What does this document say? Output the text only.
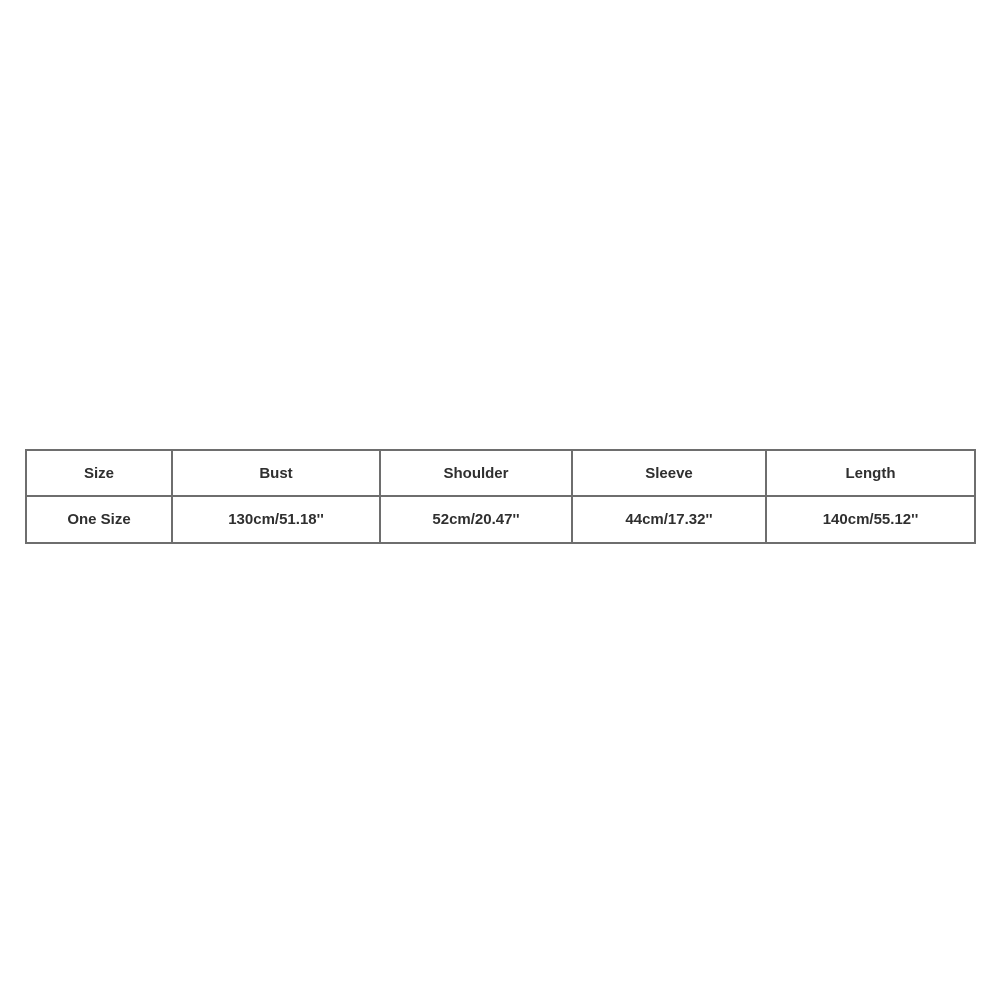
Size	Bust	Shoulder	Sleeve	Length
One Size	130cm/51.18''	52cm/20.47''	44cm/17.32''	140cm/55.12''
